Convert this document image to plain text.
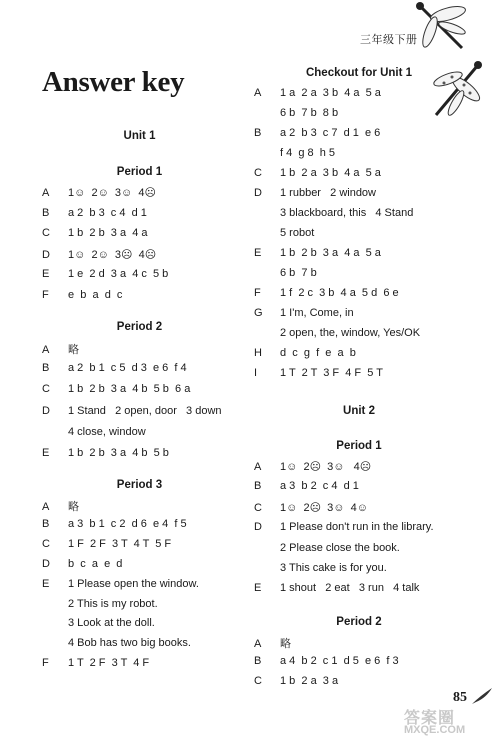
三年级下册
Answer key
Unit 1
Period 1
A 1☺  2☺  3☺  4☹
B a 2  b 3  c 4  d 1
C 1 b  2 b  3 a  4 a
D 1☺  2☺  3☹  4☹
E 1 e  2 d  3 a  4 c  5 b
F e  b  a  d  c
Period 2
A 略
B a 2  b 1  c 5  d 3  e 6  f 4
C 1 b  2 b  3 a  4 b  5 b  6 a
D 1 Stand   2 open, door   3 down
4 close, window
E 1 b  2 b  3 a  4 b  5 b
Period 3
A 略
B a 3  b 1  c 2  d 6  e 4  f 5
C 1 F  2 F  3 T  4 T  5 F
D b  c  a  e  d
E 1 Please open the window.
2 This is my robot.
3 Look at the doll.
4 Bob has two big books.
F 1 T  2 F  3 T  4 F
Checkout for Unit 1
A 1 a  2 a  3 b  4 a  5 a
6 b  7 b  8 b
B a 2  b 3  c 7  d 1  e 6
f 4  g 8  h 5
C 1 b  2 a  3 b  4 a  5 a
D 1 rubber   2 window
3 blackboard, this   4 Stand
5 robot
E 1 b  2 b  3 a  4 a  5 a
6 b  7 b
F 1 f  2 c  3 b  4 a  5 d  6 e
G 1 I'm, Come, in
2 open, the, window, Yes/OK
H d  c  g  f  e  a  b
I 1 T  2 T  3 F  4 F  5 T
Unit 2
Period 1
A 1☺  2☹  3☺   4☹
B a 3  b 2  c 4  d 1
C 1☺  2☹  3☺  4☺
D 1 Please don't run in the library.
2 Please close the book.
3 This cake is for you.
E 1 shout   2 eat   3 run   4 talk
Period 2
A 略
B a 4  b 2  c 1  d 5  e 6  f 3
C 1 b  2 a  3 a
85
答案圈
MXQE.COM
